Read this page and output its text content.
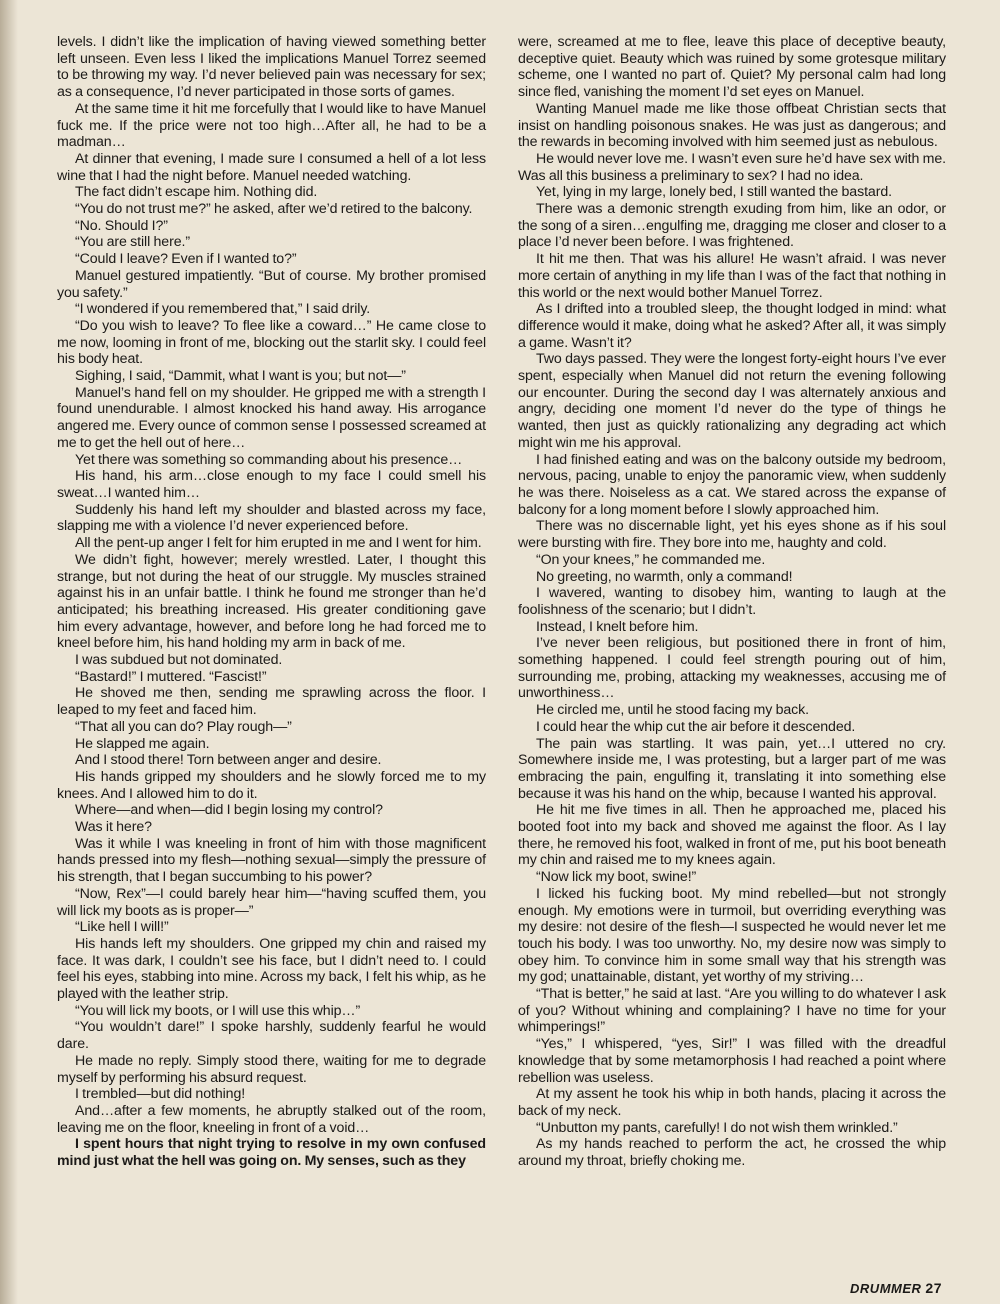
levels. I didn’t like the implication of having viewed something better left unseen. Even less I liked the implications Manuel Torrez seemed to be throwing my way. I’d never believed pain was necessary for sex; as a consequence, I’d never participated in those sorts of games.

At the same time it hit me forcefully that I would like to have Manuel fuck me. If the price were not too high…After all, he had to be a madman…

At dinner that evening, I made sure I consumed a hell of a lot less wine that I had the night before. Manuel needed watching.

The fact didn’t escape him. Nothing did.

“You do not trust me?” he asked, after we’d retired to the balcony.

“No. Should I?”

“You are still here.”

“Could I leave? Even if I wanted to?”

Manuel gestured impatiently. “But of course. My brother promised you safety.”

“I wondered if you remembered that,” I said drily.

“Do you wish to leave? To flee like a coward…” He came close to me now, looming in front of me, blocking out the starlit sky. I could feel his body heat.

Sighing, I said, “Dammit, what I want is you; but not—”

Manuel’s hand fell on my shoulder. He gripped me with a strength I found unendurable. I almost knocked his hand away. His arrogance angered me. Every ounce of common sense I possessed screamed at me to get the hell out of here…

Yet there was something so commanding about his presence…

His hand, his arm…close enough to my face I could smell his sweat…I wanted him…

Suddenly his hand left my shoulder and blasted across my face, slapping me with a violence I’d never experienced before.

All the pent-up anger I felt for him erupted in me and I went for him.

We didn’t fight, however; merely wrestled. Later, I thought this strange, but not during the heat of our struggle. My muscles strained against his in an unfair battle. I think he found me stronger than he’d anticipated; his breathing increased. His greater conditioning gave him every advantage, however, and before long he had forced me to kneel before him, his hand holding my arm in back of me.

I was subdued but not dominated.

“Bastard!” I muttered. “Fascist!”

He shoved me then, sending me sprawling across the floor. I leaped to my feet and faced him.

“That all you can do? Play rough—”

He slapped me again.

And I stood there! Torn between anger and desire.

His hands gripped my shoulders and he slowly forced me to my knees. And I allowed him to do it.

Where—and when—did I begin losing my control?

Was it here?

Was it while I was kneeling in front of him with those magnificent hands pressed into my flesh—nothing sexual—simply the pressure of his strength, that I began succumbing to his power?

“Now, Rex”—I could barely hear him—“having scuffed them, you will lick my boots as is proper—”

“Like hell I will!”

His hands left my shoulders. One gripped my chin and raised my face. It was dark, I couldn’t see his face, but I didn’t need to. I could feel his eyes, stabbing into mine. Across my back, I felt his whip, as he played with the leather strip.

“You will lick my boots, or I will use this whip…”

“You wouldn’t dare!” I spoke harshly, suddenly fearful he would dare.

He made no reply. Simply stood there, waiting for me to degrade myself by performing his absurd request.

I trembled—but did nothing!

And…after a few moments, he abruptly stalked out of the room, leaving me on the floor, kneeling in front of a void…

I spent hours that night trying to resolve in my own confused mind just what the hell was going on. My senses, such as they

were, screamed at me to flee, leave this place of deceptive beauty, deceptive quiet. Beauty which was ruined by some grotesque military scheme, one I wanted no part of. Quiet? My personal calm had long since fled, vanishing the moment I’d set eyes on Manuel.

Wanting Manuel made me like those offbeat Christian sects that insist on handling poisonous snakes. He was just as dangerous; and the rewards in becoming involved with him seemed just as nebulous.

He would never love me. I wasn’t even sure he’d have sex with me. Was all this business a preliminary to sex? I had no idea.

Yet, lying in my large, lonely bed, I still wanted the bastard.

There was a demonic strength exuding from him, like an odor, or the song of a siren…engulfing me, dragging me closer and closer to a place I’d never been before. I was frightened.

It hit me then. That was his allure! He wasn’t afraid. I was never more certain of anything in my life than I was of the fact that nothing in this world or the next would bother Manuel Torrez.

As I drifted into a troubled sleep, the thought lodged in mind: what difference would it make, doing what he asked? After all, it was simply a game. Wasn’t it?

Two days passed. They were the longest forty-eight hours I’ve ever spent, especially when Manuel did not return the evening following our encounter. During the second day I was alternately anxious and angry, deciding one moment I’d never do the type of things he wanted, then just as quickly rationalizing any degrading act which might win me his approval.

I had finished eating and was on the balcony outside my bedroom, nervous, pacing, unable to enjoy the panoramic view, when suddenly he was there. Noiseless as a cat. We stared across the expanse of balcony for a long moment before I slowly approached him.

There was no discernable light, yet his eyes shone as if his soul were bursting with fire. They bore into me, haughty and cold.

“On your knees,” he commanded me.

No greeting, no warmth, only a command!

I wavered, wanting to disobey him, wanting to laugh at the foolishness of the scenario; but I didn’t.

Instead, I knelt before him.

I’ve never been religious, but positioned there in front of him, something happened. I could feel strength pouring out of him, surrounding me, probing, attacking my weaknesses, accusing me of unworthiness…

He circled me, until he stood facing my back.

I could hear the whip cut the air before it descended.

The pain was startling. It was pain, yet…I uttered no cry. Somewhere inside me, I was protesting, but a larger part of me was embracing the pain, engulfing it, translating it into something else because it was his hand on the whip, because I wanted his approval.

He hit me five times in all. Then he approached me, placed his booted foot into my back and shoved me against the floor. As I lay there, he removed his foot, walked in front of me, put his boot beneath my chin and raised me to my knees again.

“Now lick my boot, swine!”

I licked his fucking boot. My mind rebelled—but not strongly enough. My emotions were in turmoil, but overriding everything was my desire: not desire of the flesh—I suspected he would never let me touch his body. I was too unworthy. No, my desire now was simply to obey him. To convince him in some small way that his strength was my god; unattainable, distant, yet worthy of my striving…

“That is better,” he said at last. “Are you willing to do whatever I ask of you? Without whining and complaining? I have no time for your whimperings!”

“Yes,” I whispered, “yes, Sir!” I was filled with the dreadful knowledge that by some metamorphosis I had reached a point where rebellion was useless.

At my assent he took his whip in both hands, placing it across the back of my neck.

“Unbutton my pants, carefully! I do not wish them wrinkled.”

As my hands reached to perform the act, he crossed the whip around my throat, briefly choking me.

DRUMMER 27
